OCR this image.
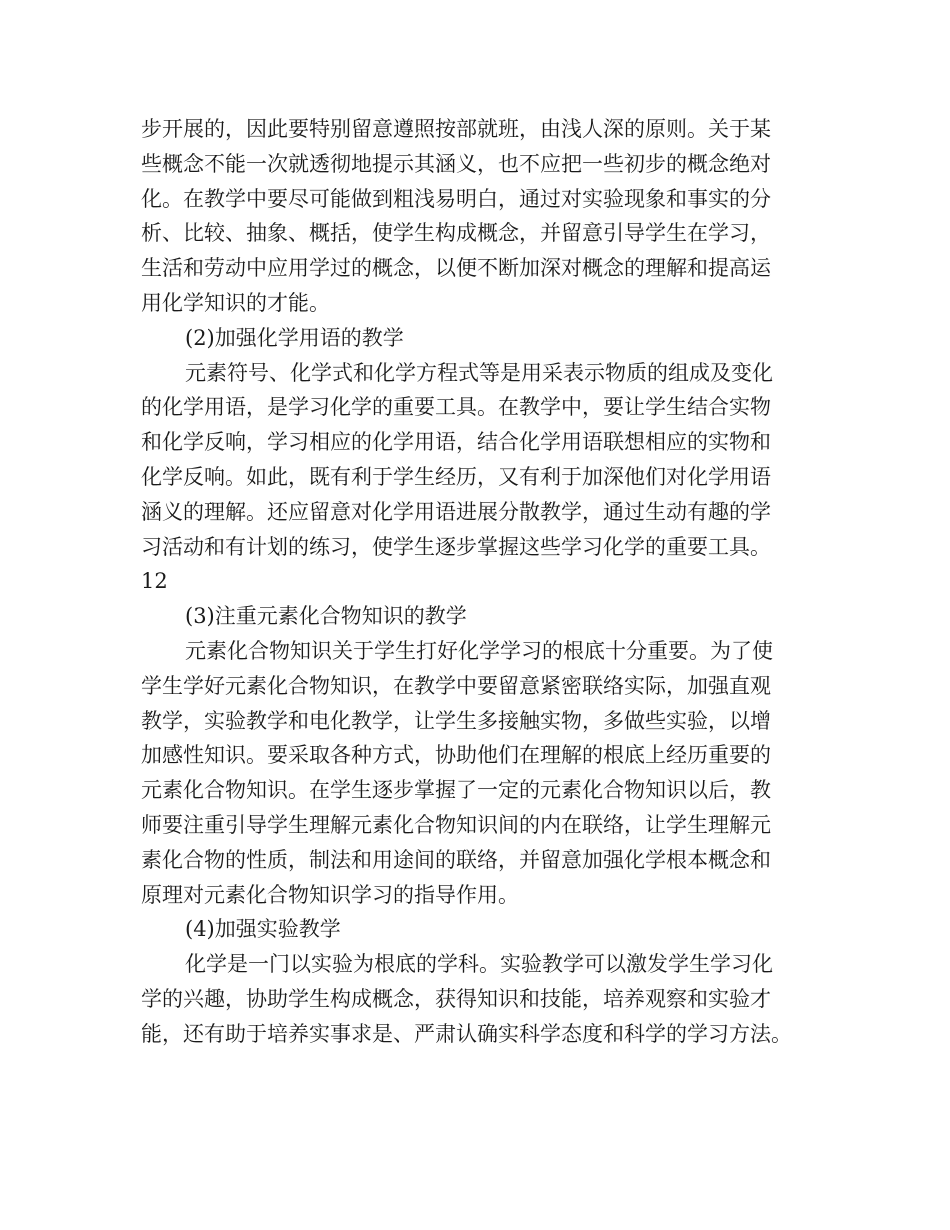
步开展的，因此要特别留意遵照按部就班，由浅人深的原则。关于某
些概念不能一次就透彻地提示其涵义，也不应把一些初步的概念绝对
化。在教学中要尽可能做到粗浅易明白，通过对实验现象和事实的分
析、比较、抽象、概括，使学生构成概念，并留意引导学生在学习，
生活和劳动中应用学过的概念，以便不断加深对概念的理解和提高运
用化学知识的才能。
(2)加强化学用语的教学
元素符号、化学式和化学方程式等是用采表示物质的组成及变化
的化学用语，是学习化学的重要工具。在教学中，要让学生结合实物
和化学反响，学习相应的化学用语，结合化学用语联想相应的实物和
化学反响。如此，既有利于学生经历，又有利于加深他们对化学用语
涵义的理解。还应留意对化学用语进展分散教学，通过生动有趣的学
习活动和有计划的练习，使学生逐步掌握这些学习化学的重要工具。
12
(3)注重元素化合物知识的教学
元素化合物知识关于学生打好化学学习的根底十分重要。为了使
学生学好元素化合物知识，在教学中要留意紧密联络实际，加强直观
教学，实验教学和电化教学，让学生多接触实物，多做些实验，以增
加感性知识。要采取各种方式，协助他们在理解的根底上经历重要的
元素化合物知识。在学生逐步掌握了一定的元素化合物知识以后，教
师要注重引导学生理解元素化合物知识间的内在联络，让学生理解元
素化合物的性质，制法和用途间的联络，并留意加强化学根本概念和
原理对元素化合物知识学习的指导作用。
(4)加强实验教学
化学是一门以实验为根底的学科。实验教学可以激发学生学习化
学的兴趣，协助学生构成概念，获得知识和技能，培养观察和实验才
能，还有助于培养实事求是、严肃认确实科学态度和科学的学习方法。
